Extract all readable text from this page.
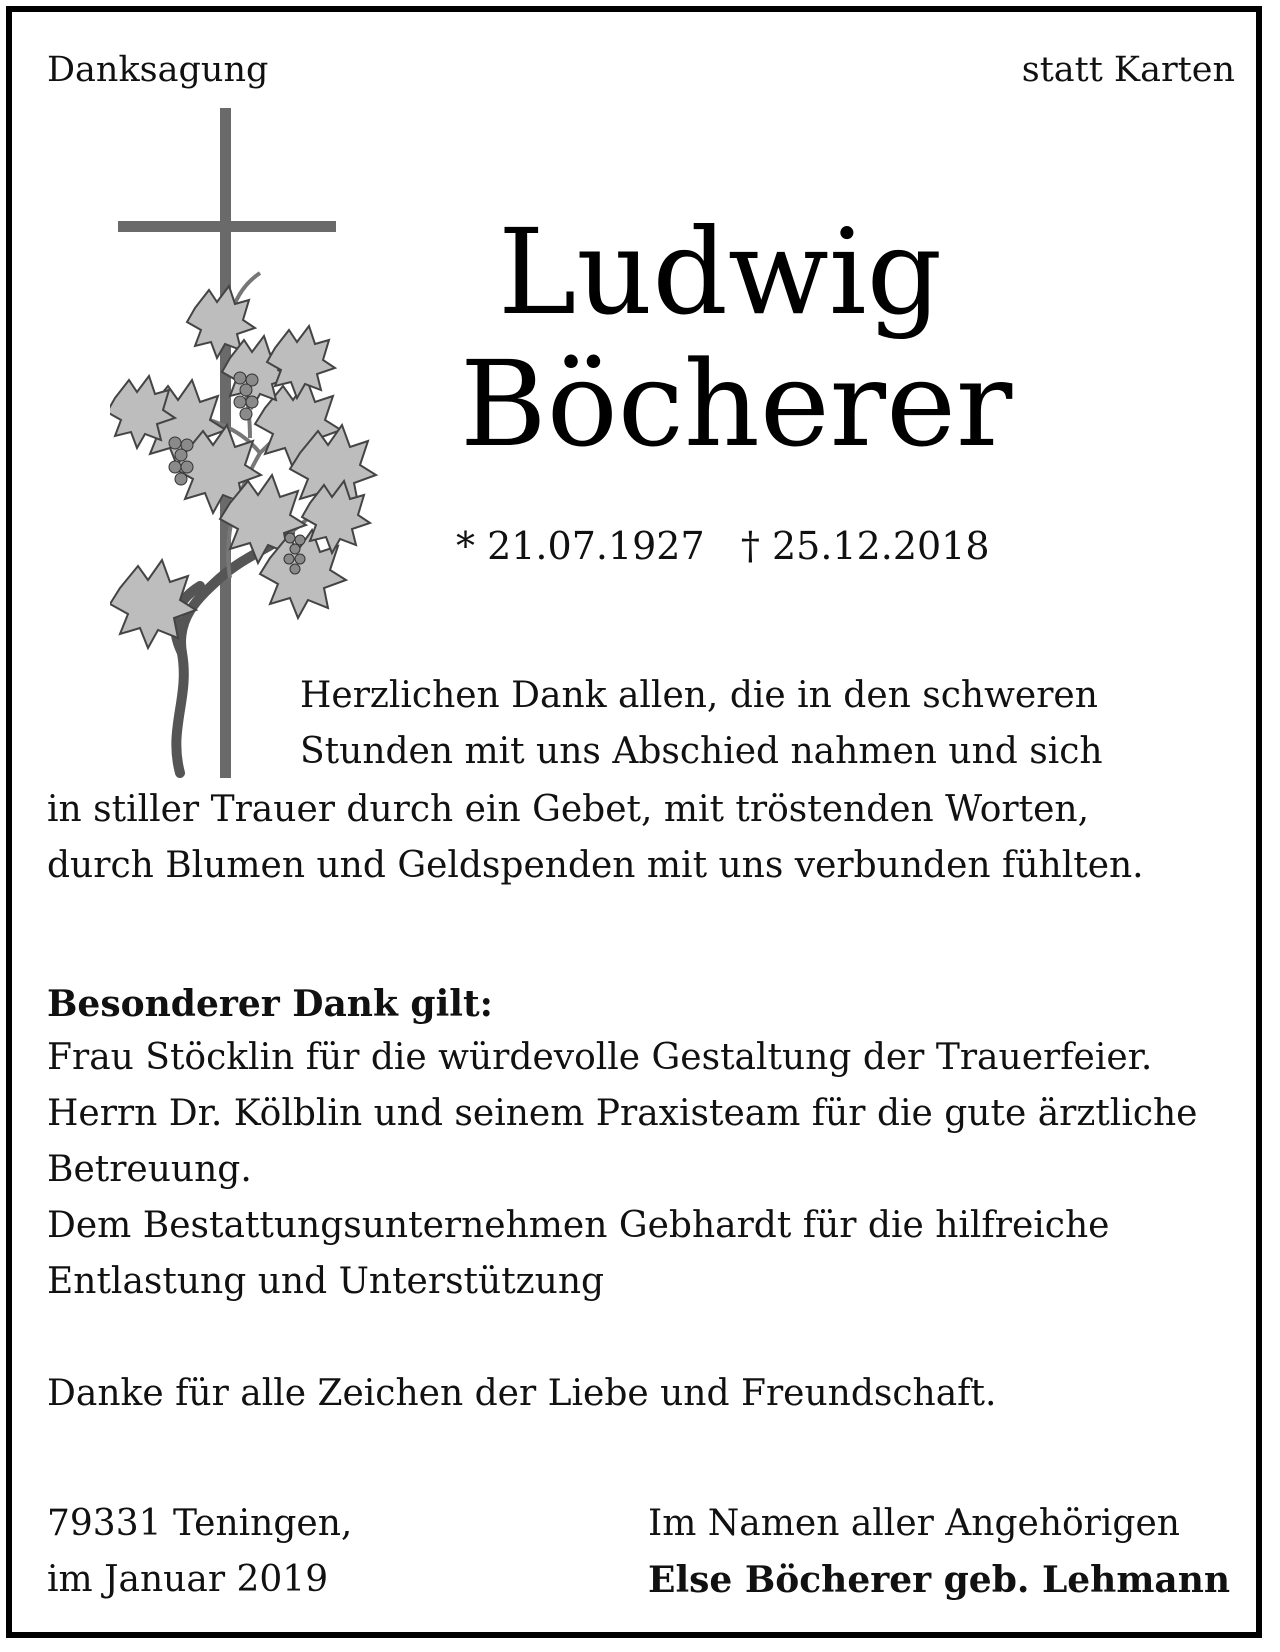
Danksagung	statt Karten
Ludwig
Böcherer
* 21.07.1927   † 25.12.2018
Herzlichen Dank allen, die in den schweren
Stunden mit uns Abschied nahmen und sich
in stiller Trauer durch ein Gebet, mit tröstenden Worten,
durch Blumen und Geldspenden mit uns verbunden fühlten.
Besonderer Dank gilt:
Frau Stöcklin für die würdevolle Gestaltung der Trauerfeier.
Herrn Dr. Kölblin und seinem Praxisteam für die gute ärztliche
Betreuung.
Dem Bestattungsunternehmen Gebhardt für die hilfreiche
Entlastung und Unterstützung
Danke für alle Zeichen der Liebe und Freundschaft.
79331 Teningen,
im Januar 2019
Im Namen aller Angehörigen
Else Böcherer geb. Lehmann
